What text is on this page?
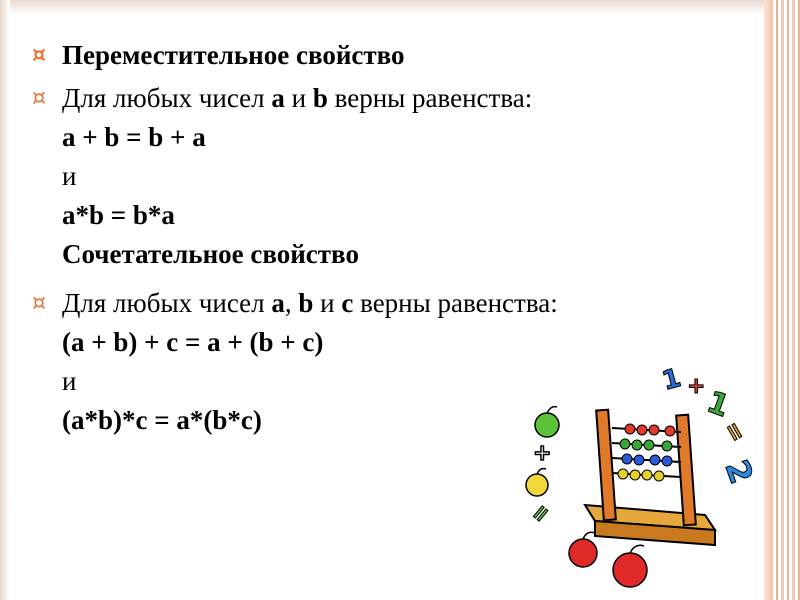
¤ Переместительное свойство
¤ Для любых чисел a и b верны равенства:
a + b = b + a
и
a*b = b*a
Сочетательное свойство
¤ Для любых чисел a, b и c верны равенства:
(a + b) + c = a + (b + c)
и
(a*b)*c = a*(b*c)
1 +
1
=
2
+
=
